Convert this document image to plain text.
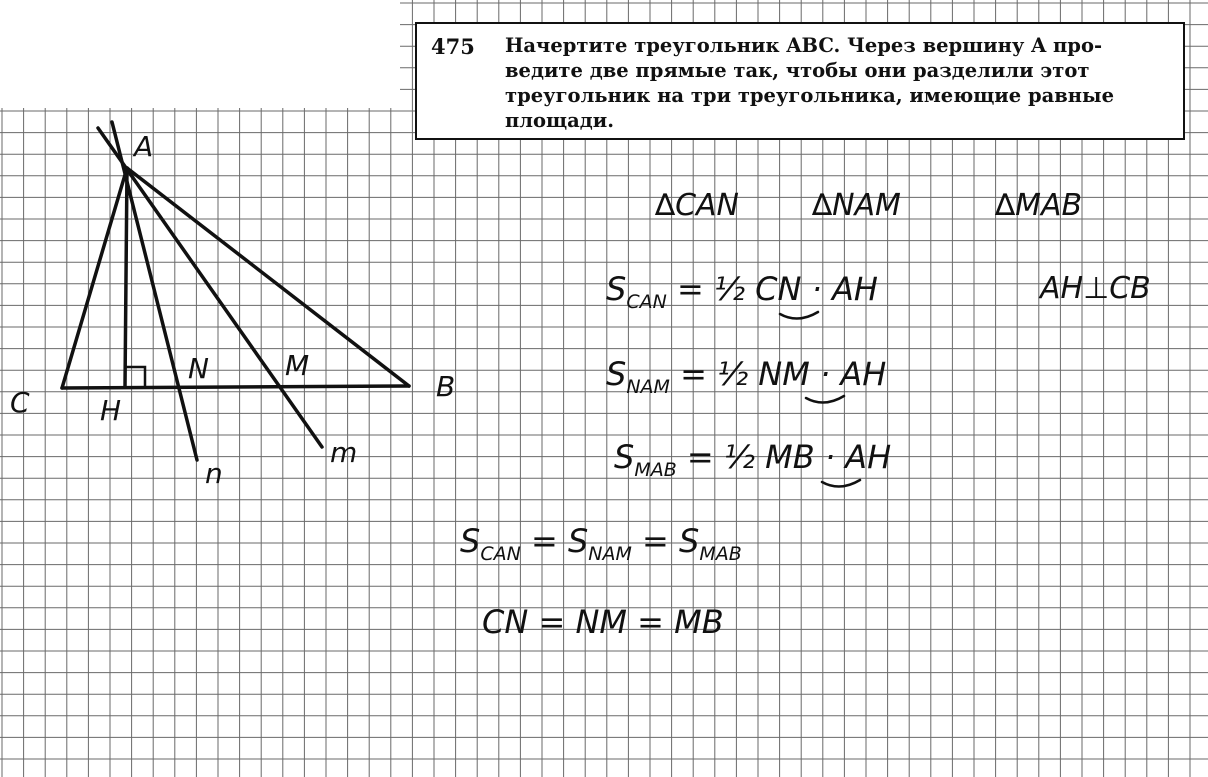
475 Начертите треугольник ABC. Через вершину A про-
ведите две прямые так, чтобы они разделили этот
треугольник на три треугольника, имеющие равные
площади.
A
B
C	H
N	M
n
m
∆CAN ∆NAM	∆MAB
AH⊥CB
$S_{CAN}$ = ½ CN · AH
$S_{NAM}$ = ½ NM · AH
$S_{MAB}$ = ½ MB · AH
$S_{CAN} = S_{NAM} = S_{MAB}$
CN = NM = MB
